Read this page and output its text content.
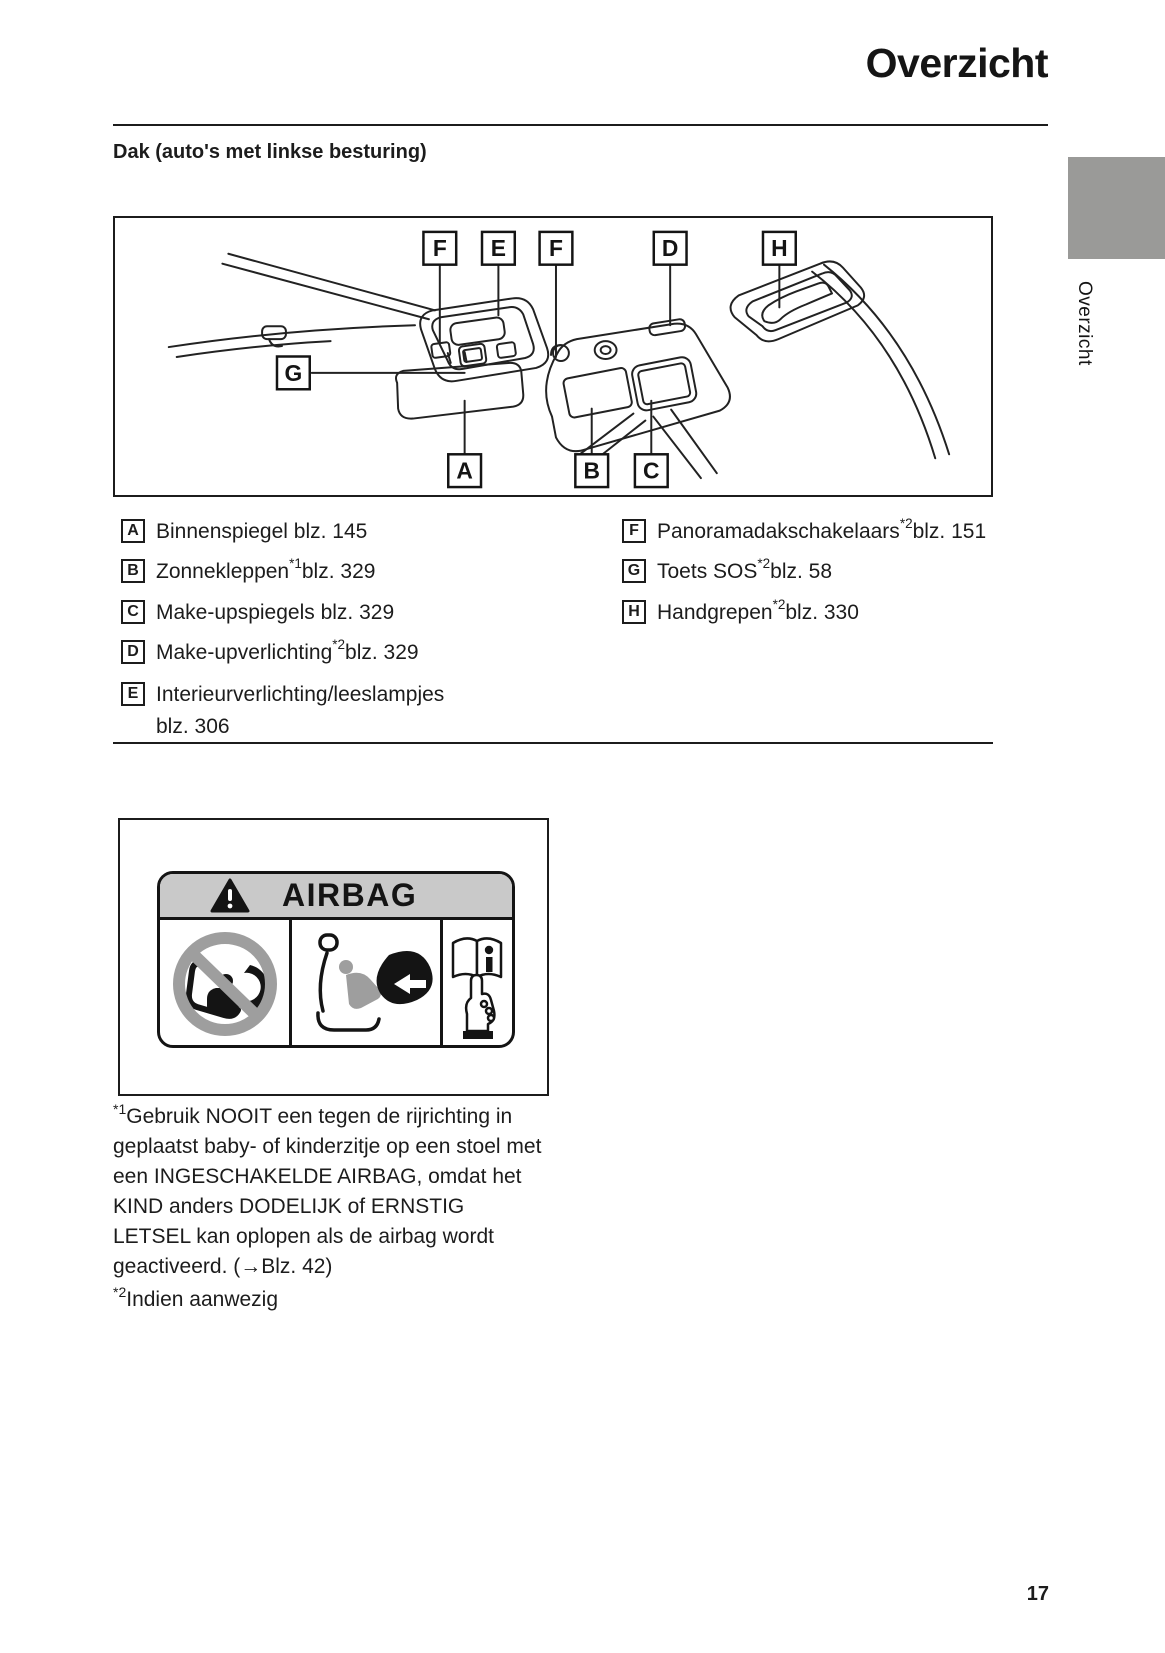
Overzicht
Dak (auto's met linkse besturing)
Overzicht
F E F	D	H
G
A	B C
A Binnenspiegel blz. 145
B Zonnekleppen$^{*1}$blz. 329
C Make-upspiegels blz. 329
D Make-upverlichting$^{*2}$blz. 329
E Interieurverlichting/leeslampjes
blz. 306
F Panoramadakschakelaars$^{*2}$blz. 151
G Toets SOS$^{*2}$blz. 58
H Handgrepen$^{*2}$blz. 330
AIRBAG

$^{*1}$Gebruik NOOIT een tegen de rijrichting in geplaatst baby- of kinderzitje op een stoel met een INGESCHAKELDE AIRBAG, omdat het KIND anders DODELIJK of ERNSTIG LETSEL kan oplopen als de airbag wordt geactiveerd. (→Blz. 42)

$^{*2}$Indien aanwezig

17
